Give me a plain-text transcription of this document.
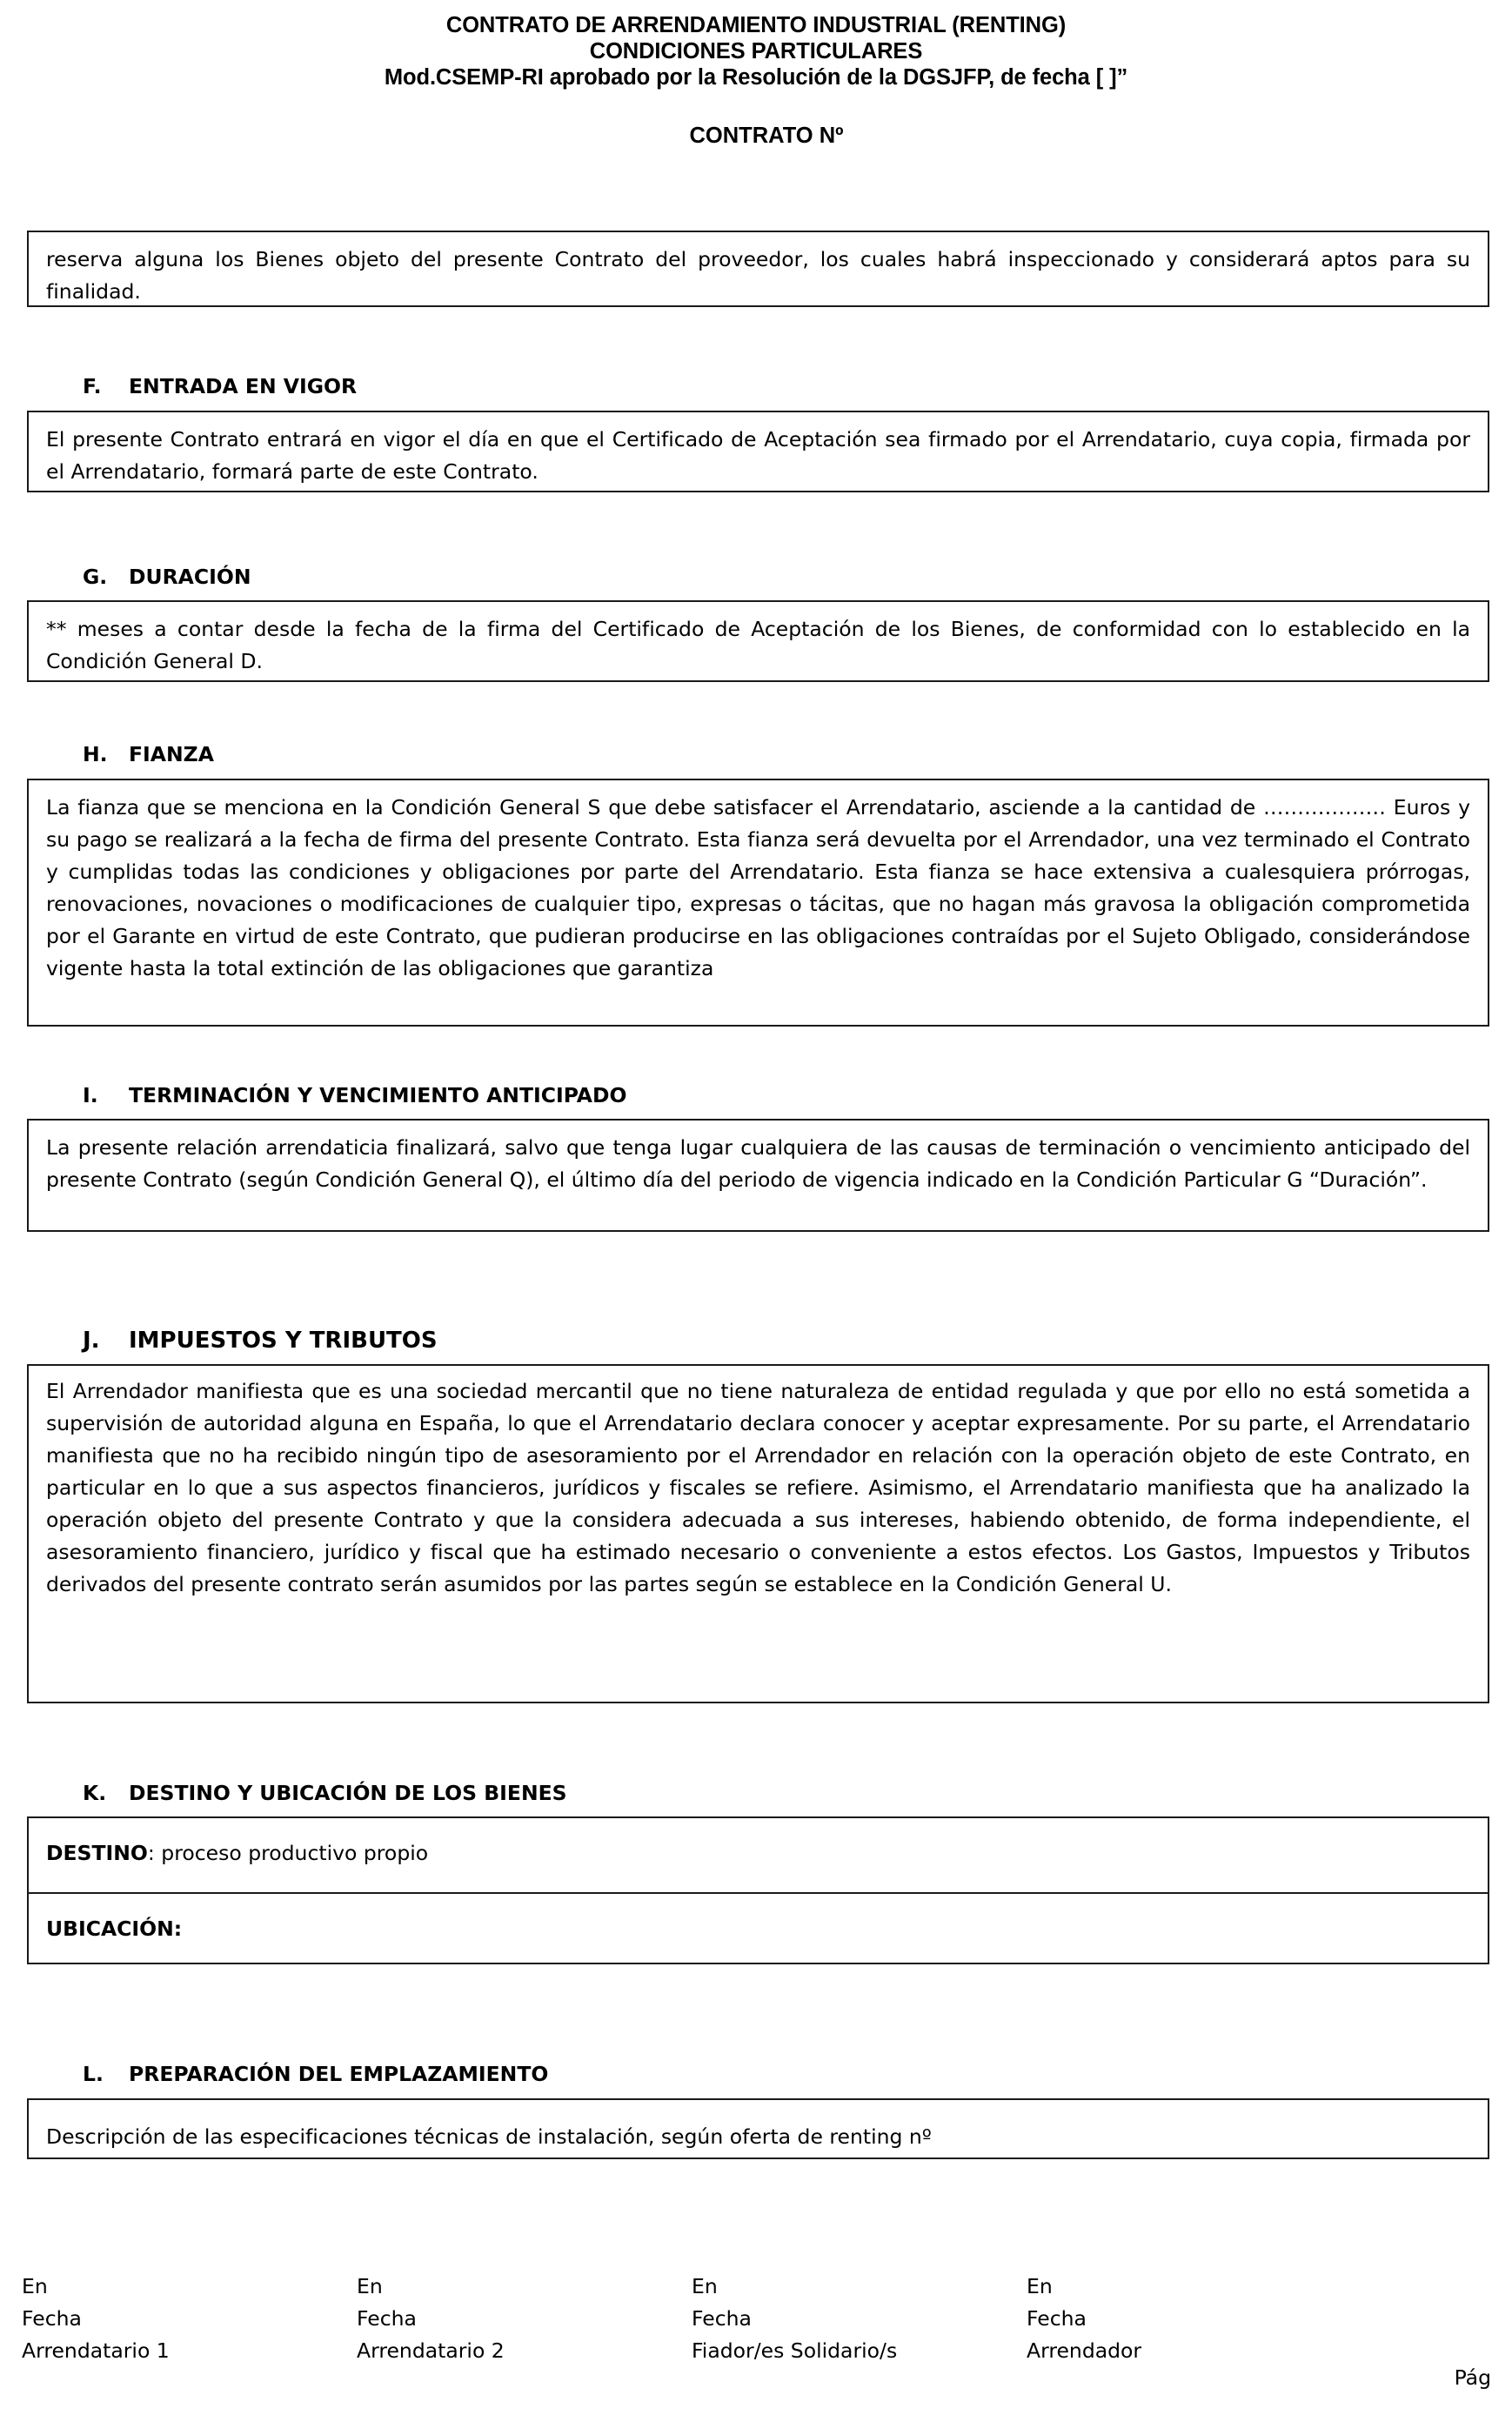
CONTRATO DE ARRENDAMIENTO INDUSTRIAL (RENTING)
CONDICIONES PARTICULARES
Mod.CSEMP-RI aprobado por la Resolución de la DGSJFP, de fecha [ ]”
CONTRATO Nº

reserva alguna los Bienes objeto del presente Contrato del proveedor, los cuales habrá inspeccionado y considerará aptos para su finalidad.

F. ENTRADA EN VIGOR

El presente Contrato entrará en vigor el día en que el Certificado de Aceptación sea firmado por el Arrendatario, cuya copia, firmada por el Arrendatario, formará parte de este Contrato.

G. DURACIÓN

** meses a contar desde la fecha de la firma del Certificado de Aceptación de los Bienes, de conformidad con lo establecido en la Condición General D.

H. FIANZA

La fianza que se menciona en la Condición General S que debe satisfacer el Arrendatario, asciende a la cantidad de ……………… Euros y su pago se realizará a la fecha de firma del presente Contrato. Esta fianza será devuelta por el Arrendador, una vez terminado el Contrato y cumplidas todas las condiciones y obligaciones por parte del Arrendatario. Esta fianza se hace extensiva a cualesquiera prórrogas, renovaciones, novaciones o modificaciones de cualquier tipo, expresas o tácitas, que no hagan más gravosa la obligación comprometida por el Garante en virtud de este Contrato, que pudieran producirse en las obligaciones contraídas por el Sujeto Obligado, considerándose vigente hasta la total extinción de las obligaciones que garantiza

I. TERMINACIÓN Y VENCIMIENTO ANTICIPADO

La presente relación arrendaticia finalizará, salvo que tenga lugar cualquiera de las causas de terminación o vencimiento anticipado del presente Contrato (según Condición General Q), el último día del periodo de vigencia indicado en la Condición Particular G “Duración”.

J. IMPUESTOS Y TRIBUTOS

El Arrendador manifiesta que es una sociedad mercantil que no tiene naturaleza de entidad regulada y que por ello no está sometida a supervisión de autoridad alguna en España, lo que el Arrendatario declara conocer y aceptar expresamente. Por su parte, el Arrendatario manifiesta que no ha recibido ningún tipo de asesoramiento por el Arrendador en relación con la operación objeto de este Contrato, en particular en lo que a sus aspectos financieros, jurídicos y fiscales se refiere. Asimismo, el Arrendatario manifiesta que ha analizado la operación objeto del presente Contrato y que la considera adecuada a sus intereses, habiendo obtenido, de forma independiente, el asesoramiento financiero, jurídico y fiscal que ha estimado necesario o conveniente a estos efectos. Los Gastos, Impuestos y Tributos derivados del presente contrato serán asumidos por las partes según se establece en la Condición General U.

K. DESTINO Y UBICACIÓN DE LOS BIENES

DESTINO: proceso productivo propio

UBICACIÓN:

L. PREPARACIÓN DEL EMPLAZAMIENTO

Descripción de las especificaciones técnicas de instalación, según oferta de renting nº

En
Fecha
Arrendatario 1
En
Fecha
Arrendatario 2
En
Fecha
Fiador/es Solidario/s
En
Fecha
Arrendador
Pág
